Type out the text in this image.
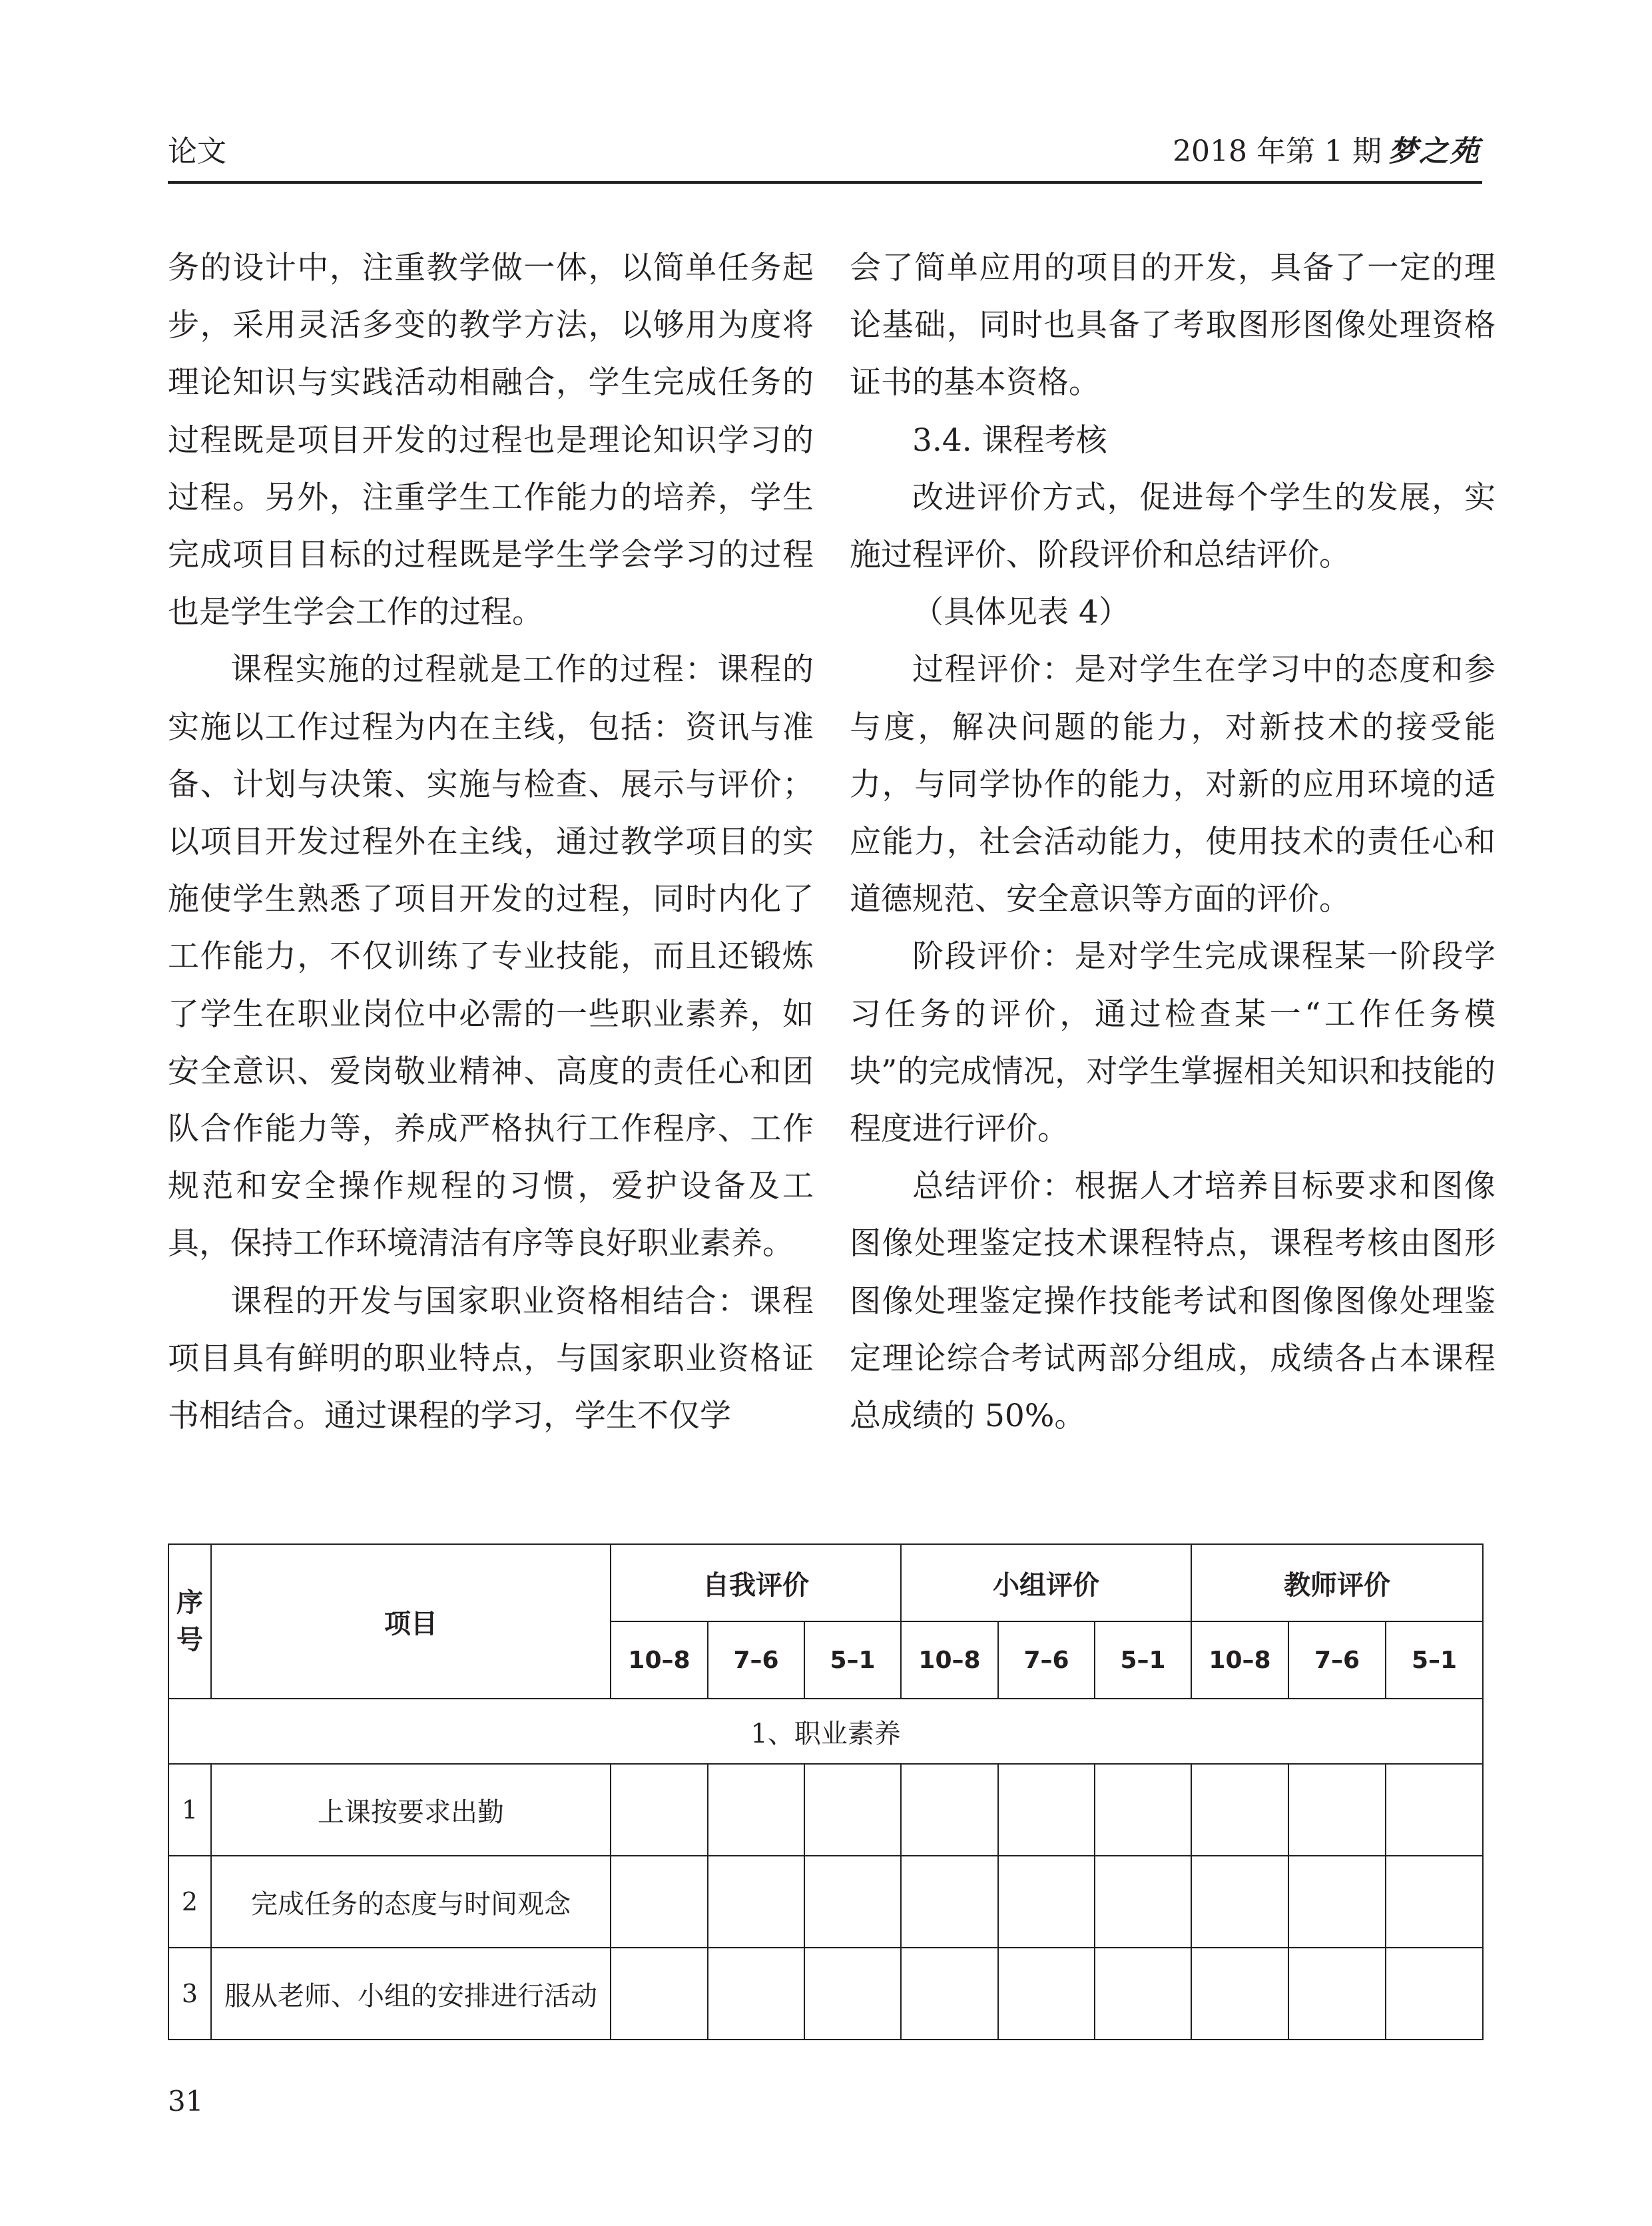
论文	2018 年第 1 期 梦之苑

务的设计中，注重教学做一体，以简单任务起步，采用灵活多变的教学方法，以够用为度将理论知识与实践活动相融合，学生完成任务的过程既是项目开发的过程也是理论知识学习的过程。另外，注重学生工作能力的培养，学生完成项目目标的过程既是学生学会学习的过程也是学生学会工作的过程。

课程实施的过程就是工作的过程：课程的实施以工作过程为内在主线，包括：资讯与准备、计划与决策、实施与检查、展示与评价；以项目开发过程外在主线，通过教学项目的实施使学生熟悉了项目开发的过程，同时内化了工作能力，不仅训练了专业技能，而且还锻炼了学生在职业岗位中必需的一些职业素养，如安全意识、爱岗敬业精神、高度的责任心和团队合作能力等，养成严格执行工作程序、工作规范和安全操作规程的习惯，爱护设备及工具，保持工作环境清洁有序等良好职业素养。

课程的开发与国家职业资格相结合：课程项目具有鲜明的职业特点，与国家职业资格证书相结合。通过课程的学习，学生不仅学

会了简单应用的项目的开发，具备了一定的理论基础，同时也具备了考取图形图像处理资格证书的基本资格。

3.4. 课程考核

改进评价方式，促进每个学生的发展，实施过程评价、阶段评价和总结评价。

（具体见表 4）

过程评价：是对学生在学习中的态度和参与度，解决问题的能力，对新技术的接受能力，与同学协作的能力，对新的应用环境的适应能力，社会活动能力，使用技术的责任心和道德规范、安全意识等方面的评价。

阶段评价：是对学生完成课程某一阶段学习任务的评价，通过检查某一“工作任务模块”的完成情况，对学生掌握相关知识和技能的程度进行评价。

总结评价：根据人才培养目标要求和图像图像处理鉴定技术课程特点，课程考核由图形图像处理鉴定操作技能考试和图像图像处理鉴定理论综合考试两部分组成，成绩各占本课程总成绩的 50%。

序号	项目	自我评价			小组评价			教师评价		
		10–8	7–6	5–1	10–8	7–6	5–1	10–8	7–6	5–1
1、职业素养										
1	上课按要求出勤									
2	完成任务的态度与时间观念									
3	服从老师、小组的安排进行活动									
31
